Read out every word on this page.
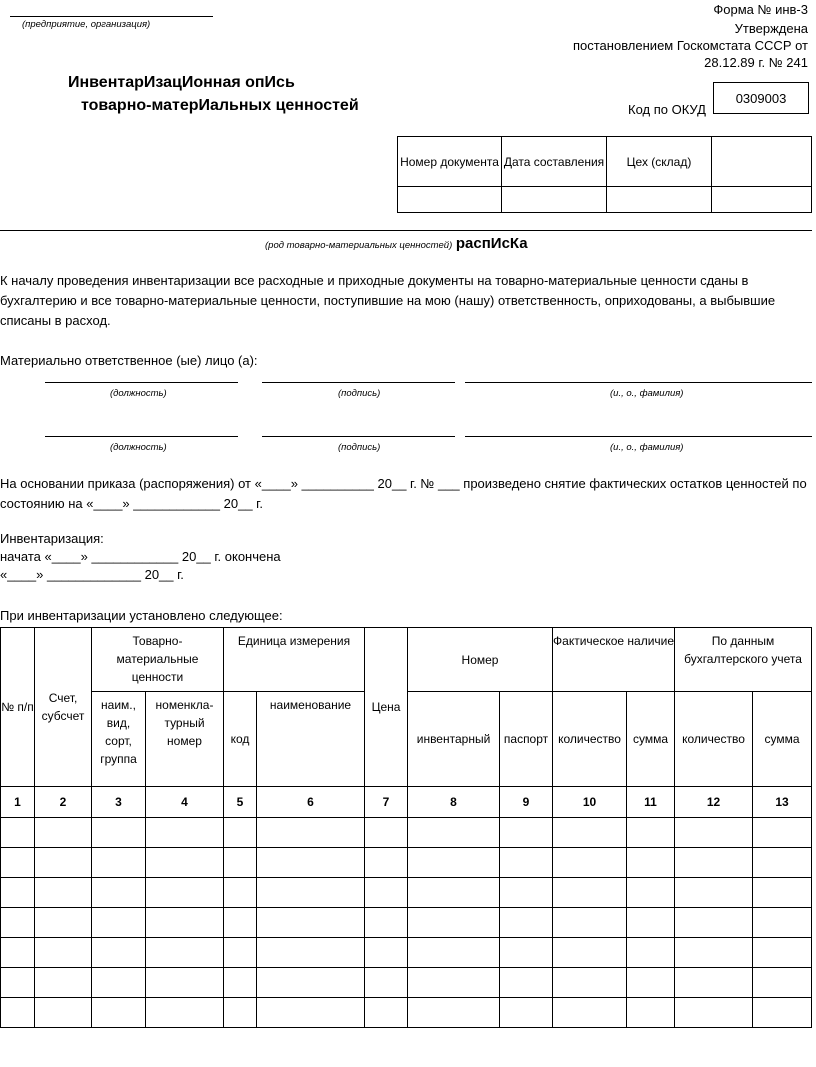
(предприятие, организация)
Форма № инв-3
Утверждена
постановлением Госкомстата СССР от
28.12.89 г. № 241
ИнвентарИзацИонная опИсь
товарно-матерИальных ценностей	Код по ОКУД
0309003
Номер документа	Дата составления	Цех (склад)	

(род товарно-материальных ценностей) распИсКа
К началу проведения инвентаризации все расходные и приходные документы на товарно-материальные ценности сданы в бухгалтерию и все товарно-материальные ценности, поступившие на мою (нашу) ответственность, оприходованы, а выбывшие списаны в расход.
Материально ответственное (ые) лицо (а):
(должность)	(подпись)	(и., о., фамилия)
(должность)	(подпись)	(и., о., фамилия)
На основании приказа (распоряжения) от «____» __________ 20__ г. № ___ произведено снятие фактических остатков ценностей по
состоянию на «____» ____________ 20__ г.
Инвентаризация:
начата «____» ____________ 20__ г. окончена
«____» _____________ 20__ г.
При инвентаризации установлено следующее:
№ п/п	Счет, субсчет	Товарно-материальные ценности		Единица измерения		Цена	Номер		Фактическое наличие		По данным бухгалтерского учета	
		наим., вид, сорт, группа	номенкла-турный номер	код	наименование		инвентарный	паспорт	количество	сумма	количество	сумма
1	2	3	4	5	6	7	8	9	10	11	12	13
